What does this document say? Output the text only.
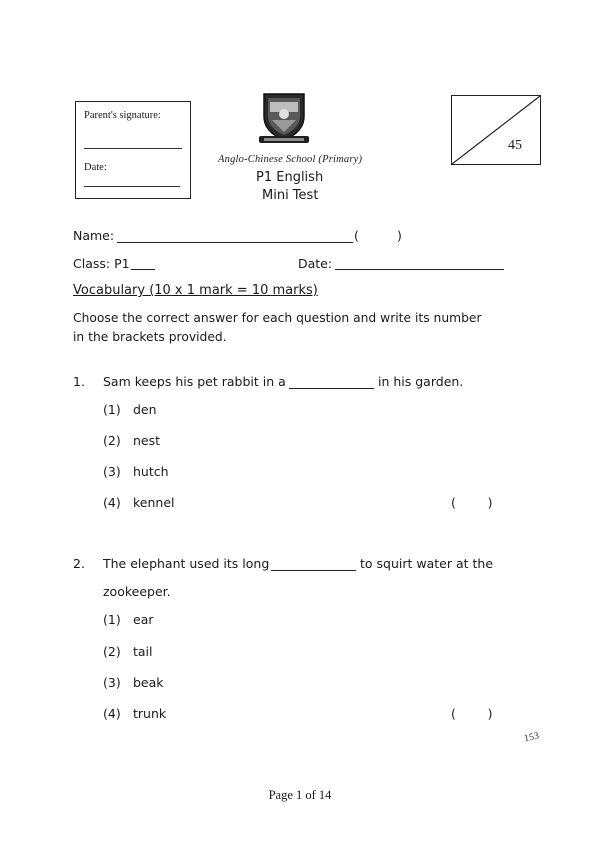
Parent's signature:
Date:
Anglo-Chinese School (Primary)
P1 English
Mini Test
45
Name:	(	)
Class: P1	Date:
Vocabulary (10 x 1 mark = 10 marks)
Choose the correct answer for each question and write its number in the brackets provided.
1. Sam keeps his pet rabbit in a	in his garden.
(1) den
(2) nest
(3) hutch
(4) kennel	(        )
2. The elephant used its long	to squirt water at the
zookeeper.
(1) ear
(2) tail
(3) beak
(4) trunk	(        )
153
Page 1 of 14
